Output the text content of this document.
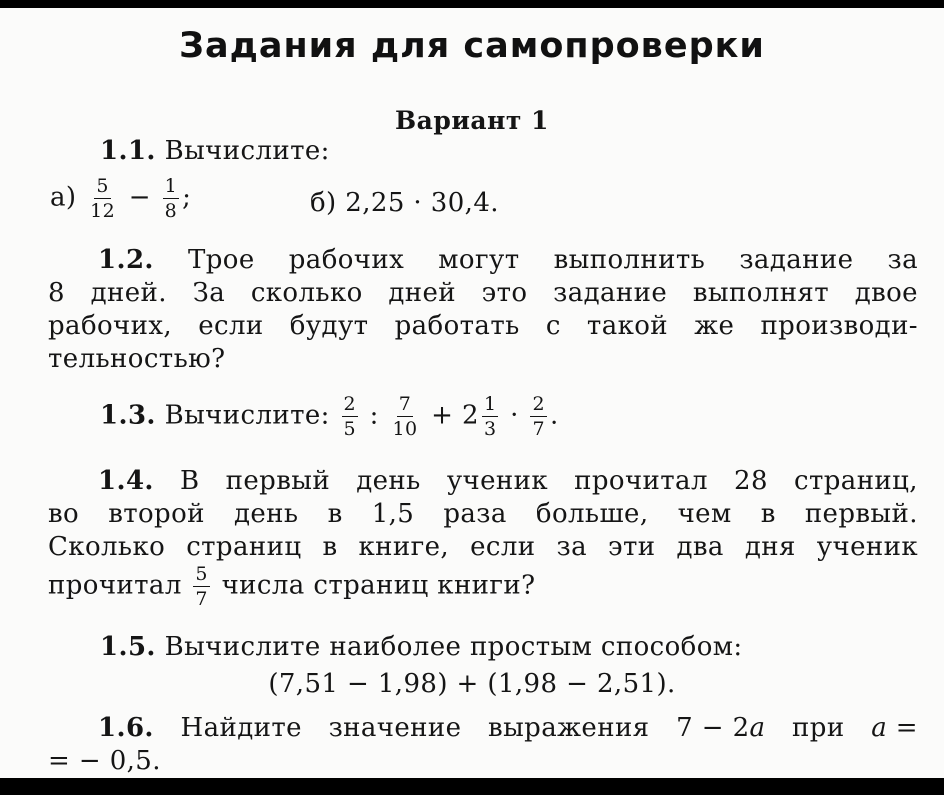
Задания для самопроверки
Вариант 1
1.1. Вычислите:
$а) \frac{5}{12} - \frac{1}{8}$ ;	б) 2,25 · 30,4.
1.2. Трое рабочих могут выполнить задание за
8 дней. За сколько дней это задание выполнят двое
рабочих, если будут работать с такой же производи-
тельностью?
1.3. Вычислите: $\frac{2}{5}$ : $\frac{7}{10} + 2 \frac{1}{3} \cdot \frac{2}{7}$ .
1.4. В первый день ученик прочитал 28 страниц,
во второй день в 1,5 раза больше, чем в первый.
Сколько страниц в книге, если за эти два дня ученик
прочитал $\frac{5}{7}$ числа страниц книги?
1.5. Вычислите наиболее простым способом:
(7,51 − 1,98) + (1,98 − 2,51).
1.6. Найдите значение выражения 7 − 2a при a =
= − 0,5.
